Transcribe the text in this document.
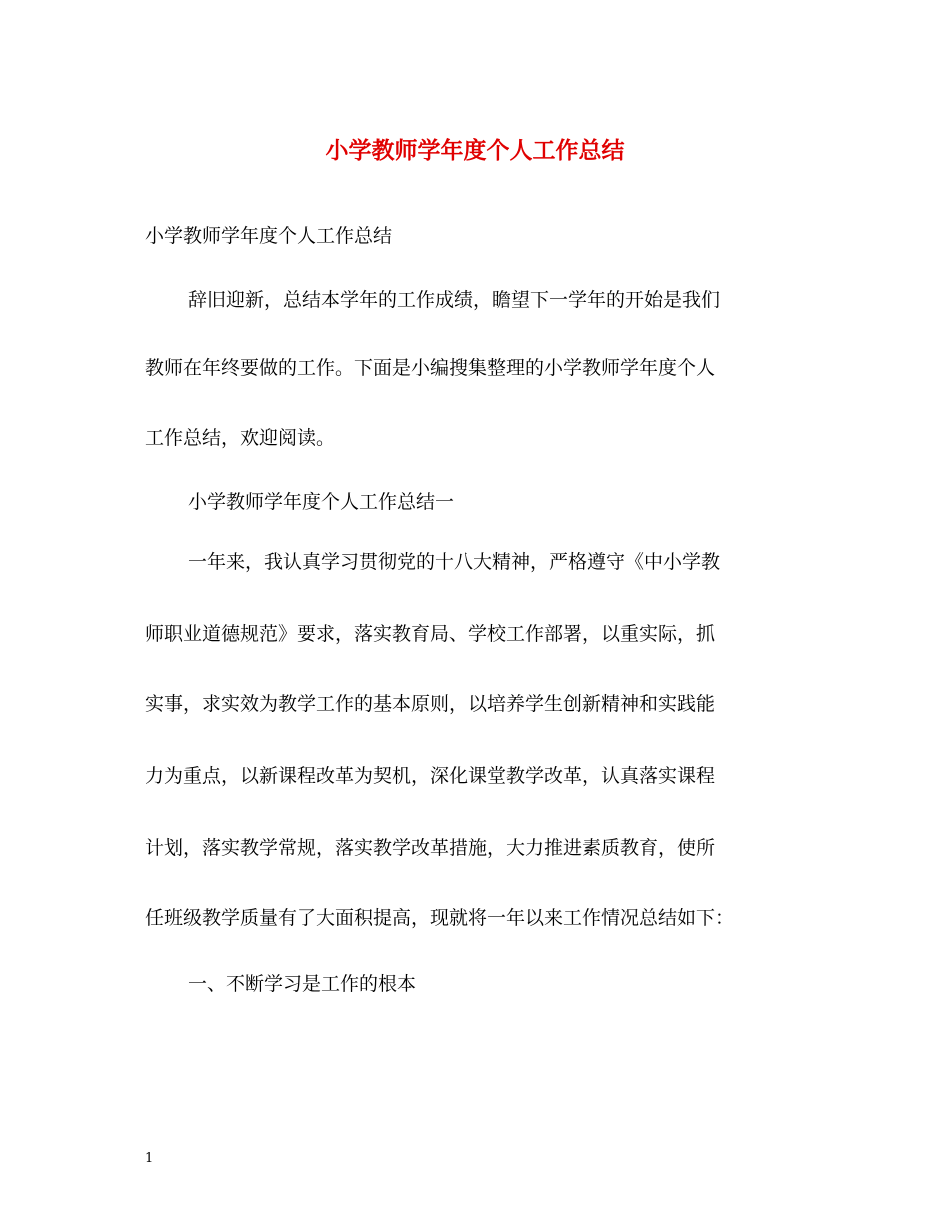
小学教师学年度个人工作总结
小学教师学年度个人工作总结
辞旧迎新，总结本学年的工作成绩，瞻望下一学年的开始是我们
教师在年终要做的工作。下面是小编搜集整理的小学教师学年度个人
工作总结，欢迎阅读。
小学教师学年度个人工作总结一
一年来，我认真学习贯彻党的十八大精神，严格遵守《中小学教
师职业道德规范》要求，落实教育局、学校工作部署，以重实际，抓
实事，求实效为教学工作的基本原则，以培养学生创新精神和实践能
力为重点，以新课程改革为契机，深化课堂教学改革，认真落实课程
计划，落实教学常规，落实教学改革措施，大力推进素质教育，使所
任班级教学质量有了大面积提高，现就将一年以来工作情况总结如下：
一、不断学习是工作的根本
1
